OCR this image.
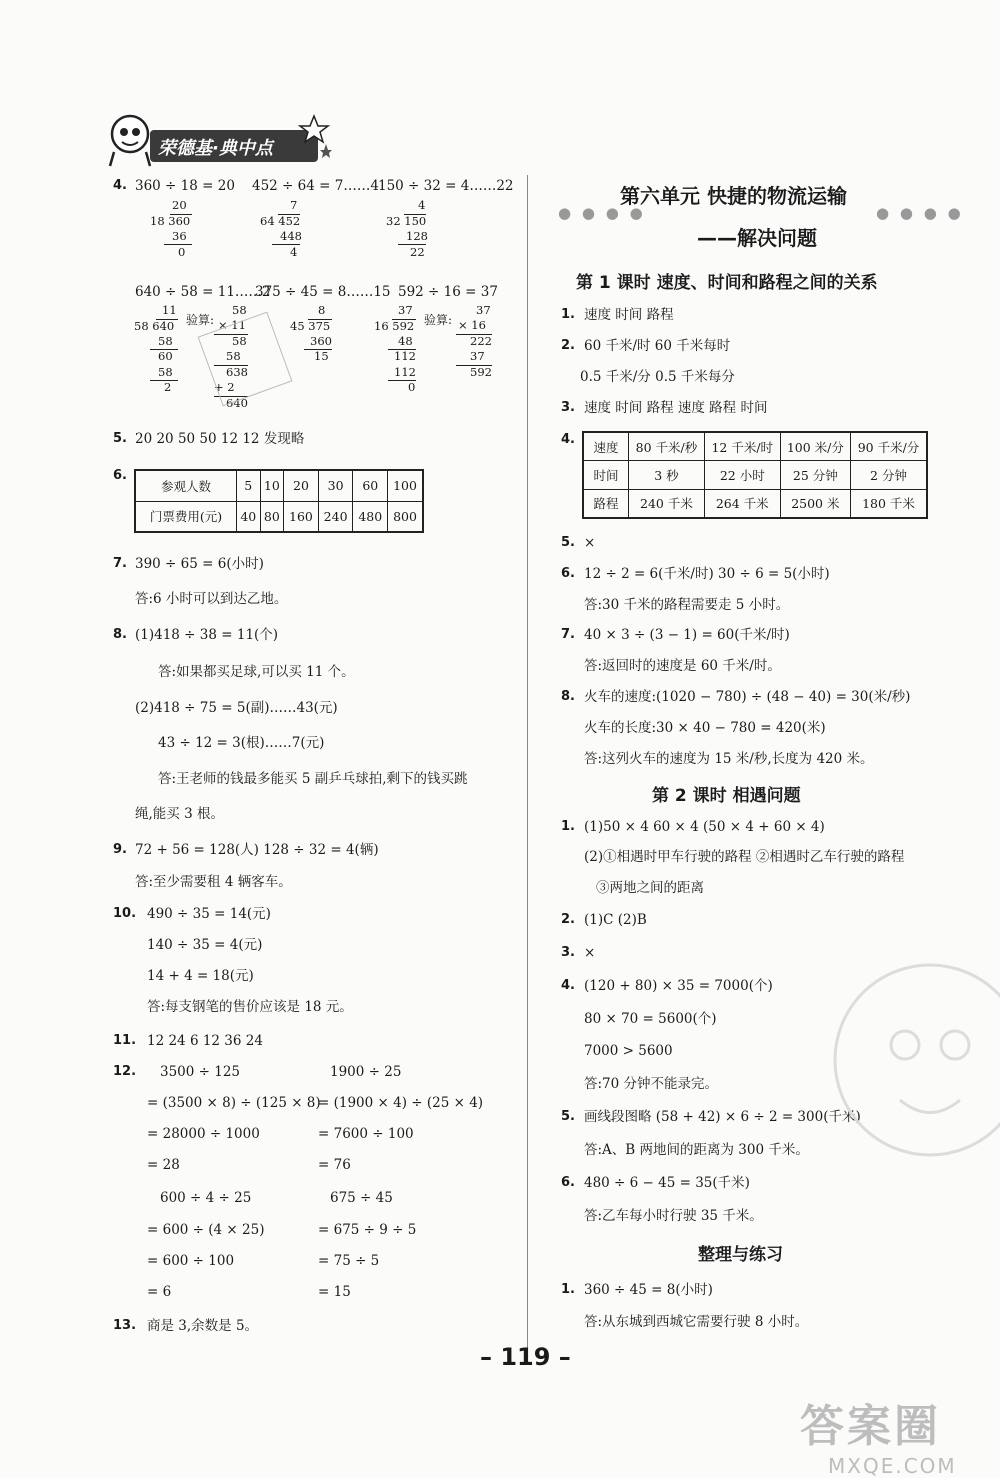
荣德基·典中点
4. 360 ÷ 18 = 20 452 ÷ 64 = 7……4 150 ÷ 32 = 4……22
20
18 360
36
0
7
64 452
448
4
4
32 150
128
22
640 ÷ 58 = 11……2
375 ÷ 45 = 8……15 592 ÷ 16 = 37
11
58 640
58
60
58
2
验算:
58
× 11
58
58
638
+ 2
640
8
45 375
360
15
37
16 592
48
112
112
0
验算:
37
× 16
222
37
592
5. 20 20 50 50 12 12 发现略
6.
参观人数	5	10	20	30	60	100
门票费用(元)	40	80	160	240	480	800
7. 390 ÷ 65 = 6(小时)
答:6 小时可以到达乙地。
8. (1)418 ÷ 38 = 11(个)
答:如果都买足球,可以买 11 个。
(2)418 ÷ 75 = 5(副)……43(元)
43 ÷ 12 = 3(根)……7(元)
答:王老师的钱最多能买 5 副乒乓球拍,剩下的钱买跳
绳,能买 3 根。
9. 72 + 56 = 128(人) 128 ÷ 32 = 4(辆)
答:至少需要租 4 辆客车。
10. 490 ÷ 35 = 14(元)
140 ÷ 35 = 4(元)
14 + 4 = 18(元)
答:每支钢笔的售价应该是 18 元。
11. 12 24 6 12 36 24
12. 3500 ÷ 125
= (3500 × 8) ÷ (125 × 8)
= 28000 ÷ 1000
= 28
600 ÷ 4 ÷ 25
= 600 ÷ (4 × 25)
= 600 ÷ 100
= 6
1900 ÷ 25
= (1900 × 4) ÷ (25 × 4)
= 7600 ÷ 100
= 76
675 ÷ 45
= 675 ÷ 9 ÷ 5
= 75 ÷ 5
= 15
13. 商是 3,余数是 5。
第六单元 快捷的物流运输
● ● ● ●	● ● ● ●
——解决问题
第 1 课时 速度、时间和路程之间的关系
1. 速度 时间 路程
2. 60 千米/时 60 千米每时
0.5 千米/分 0.5 千米每分
3. 速度 时间 路程 速度 路程 时间
4.
速度	80 千米/秒	12 千米/时	100 米/分	90 千米/分
时间	3 秒	22 小时	25 分钟	2 分钟
路程	240 千米	264 千米	2500 米	180 千米
5. ×
6. 12 ÷ 2 = 6(千米/时) 30 ÷ 6 = 5(小时)
答:30 千米的路程需要走 5 小时。
7. 40 × 3 ÷ (3 − 1) = 60(千米/时)
答:返回时的速度是 60 千米/时。
8. 火车的速度:(1020 − 780) ÷ (48 − 40) = 30(米/秒)
火车的长度:30 × 40 − 780 = 420(米)
答:这列火车的速度为 15 米/秒,长度为 420 米。
第 2 课时 相遇问题
1. (1)50 × 4 60 × 4 (50 × 4 + 60 × 4)
(2)①相遇时甲车行驶的路程 ②相遇时乙车行驶的路程
③两地之间的距离
2. (1)C (2)B
3. ×
4. (120 + 80) × 35 = 7000(个)
80 × 70 = 5600(个)
7000 > 5600
答:70 分钟不能录完。
5. 画线段图略 (58 + 42) × 6 ÷ 2 = 300(千米)
答:A、B 两地间的距离为 300 千米。
6. 480 ÷ 6 − 45 = 35(千米)
答:乙车每小时行驶 35 千米。
整理与练习
1. 360 ÷ 45 = 8(小时)
答:从东城到西城它需要行驶 8 小时。
– 119 –
答案圈
MXQE.COM
